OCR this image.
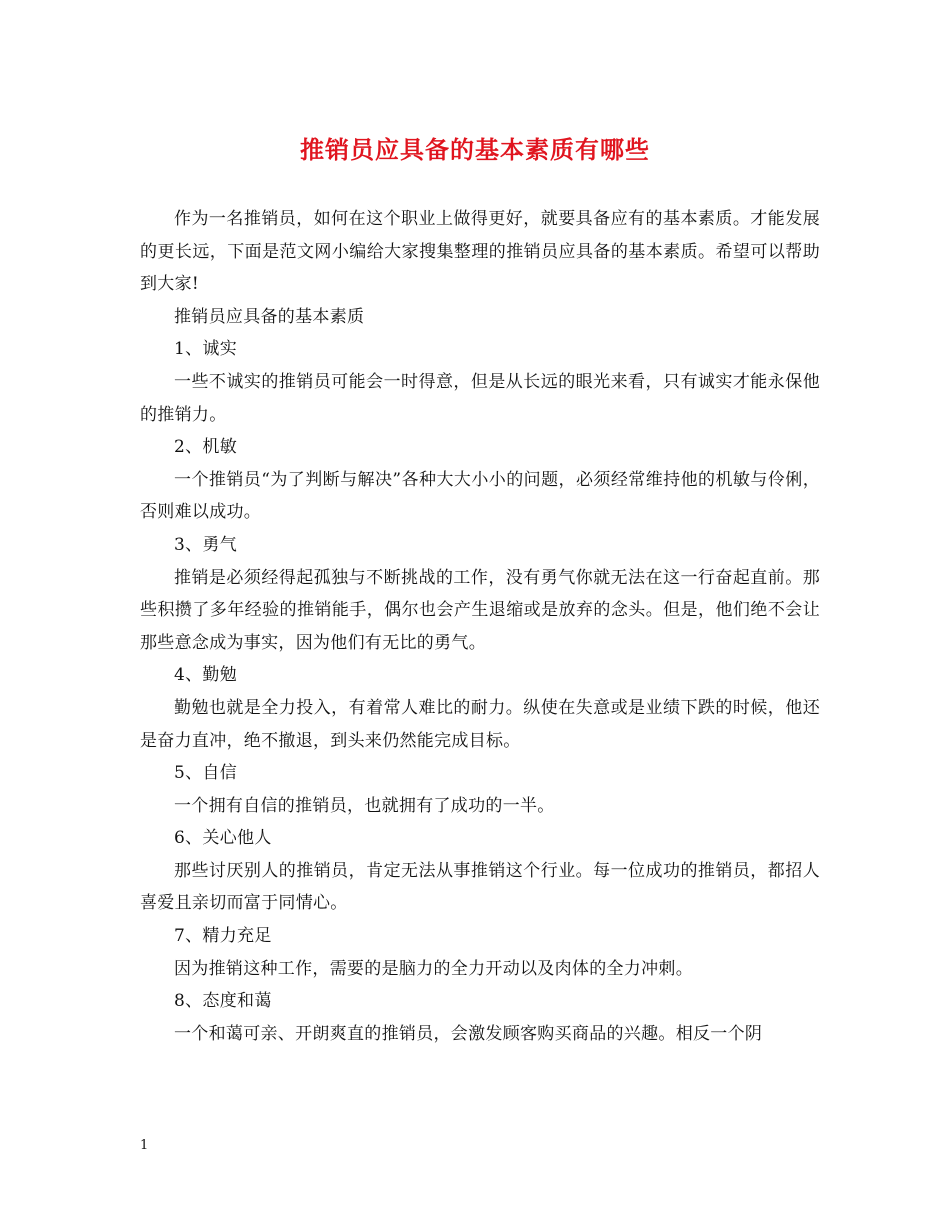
推销员应具备的基本素质有哪些

作为一名推销员，如何在这个职业上做得更好，就要具备应有的基本素质。才能发展的更长远，下面是范文网小编给大家搜集整理的推销员应具备的基本素质。希望可以帮助到大家!

推销员应具备的基本素质

1、诚实

一些不诚实的推销员可能会一时得意，但是从长远的眼光来看，只有诚实才能永保他的推销力。

2、机敏

一个推销员“为了判断与解决”各种大大小小的问题，必须经常维持他的机敏与伶俐，否则难以成功。

3、勇气

推销是必须经得起孤独与不断挑战的工作，没有勇气你就无法在这一行奋起直前。那些积攒了多年经验的推销能手，偶尔也会产生退缩或是放弃的念头。但是，他们绝不会让那些意念成为事实，因为他们有无比的勇气。

4、勤勉

勤勉也就是全力投入，有着常人难比的耐力。纵使在失意或是业绩下跌的时候，他还是奋力直冲，绝不撤退，到头来仍然能完成目标。

5、自信

一个拥有自信的推销员，也就拥有了成功的一半。

6、关心他人

那些讨厌别人的推销员，肯定无法从事推销这个行业。每一位成功的推销员，都招人喜爱且亲切而富于同情心。

7、精力充足

因为推销这种工作，需要的是脑力的全力开动以及肉体的全力冲刺。

8、态度和蔼

一个和蔼可亲、开朗爽直的推销员，会激发顾客购买商品的兴趣。相反一个阴

1
